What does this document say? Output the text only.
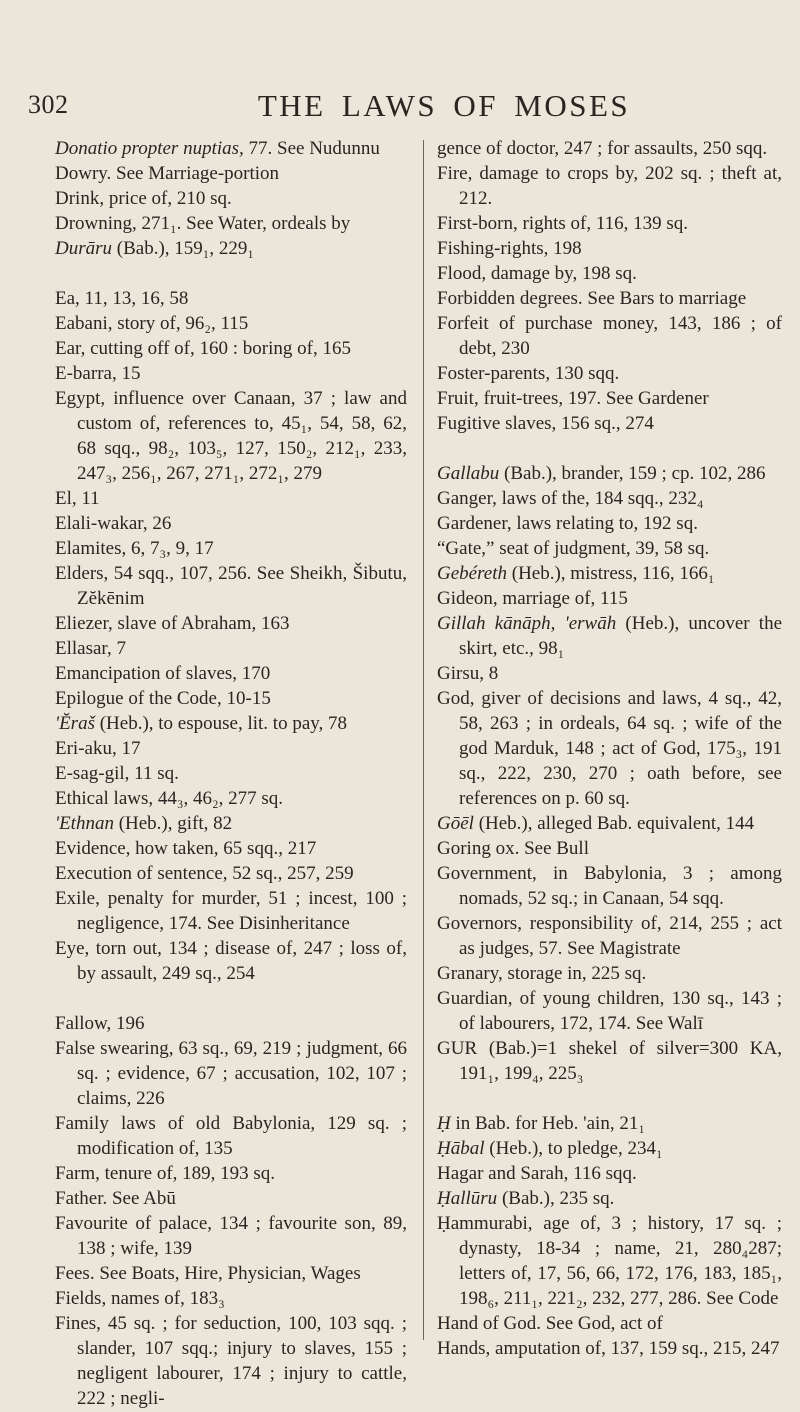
302	THE LAWS OF MOSES
Donatio propter nuptias, 77. See Nudunnu
Dowry. See Marriage-portion
Drink, price of, 210 sq.
Drowning, 271₁. See Water, ordeals by
Durāru (Bab.), 159₁, 229₁
Ea, 11, 13, 16, 58
Eabani, story of, 96₂, 115
Ear, cutting off of, 160 : boring of, 165
E-barra, 15
Egypt, influence over Canaan, 37 ; law and custom of, references to, 45₁, 54, 58, 62, 68 sqq., 98₂, 103₅, 127, 150₂, 212₁, 233, 247₃, 256₁, 267, 271₁, 272₁, 279
El, 11
Elali-wakar, 26
Elamites, 6, 7₃, 9, 17
Elders, 54 sqq., 107, 256. See Sheikh, Šibutu, Zĕkēnim
Eliezer, slave of Abraham, 163
Ellasar, 7
Emancipation of slaves, 170
Epilogue of the Code, 10-15
'Ĕraš (Heb.), to espouse, lit. to pay, 78
Eri-aku, 17
E-sag-gil, 11 sq.
Ethical laws, 44₃, 46₂, 277 sq.
'Ethnan (Heb.), gift, 82
Evidence, how taken, 65 sqq., 217
Execution of sentence, 52 sq., 257, 259
Exile, penalty for murder, 51 ; incest, 100 ; negligence, 174. See Disinheritance
Eye, torn out, 134 ; disease of, 247 ; loss of, by assault, 249 sq., 254
Fallow, 196
False swearing, 63 sq., 69, 219 ; judgment, 66 sq. ; evidence, 67 ; accusation, 102, 107 ; claims, 226
Family laws of old Babylonia, 129 sq. ; modification of, 135
Farm, tenure of, 189, 193 sq.
Father. See Abū
Favourite of palace, 134 ; favourite son, 89, 138 ; wife, 139
Fees. See Boats, Hire, Physician, Wages
Fields, names of, 183₃
Fines, 45 sq. ; for seduction, 100, 103 sqq. ; slander, 107 sqq.; injury to slaves, 155 ; negligent labourer, 174 ; injury to cattle, 222 ; negli-
gence of doctor, 247 ; for assaults, 250 sqq.
Fire, damage to crops by, 202 sq. ; theft at, 212.
First-born, rights of, 116, 139 sq.
Fishing-rights, 198
Flood, damage by, 198 sq.
Forbidden degrees. See Bars to marriage
Forfeit of purchase money, 143, 186 ; of debt, 230
Foster-parents, 130 sqq.
Fruit, fruit-trees, 197. See Gardener
Fugitive slaves, 156 sq., 274
Gallabu (Bab.), brander, 159 ; cp. 102, 286
Ganger, laws of the, 184 sqq., 232₄
Gardener, laws relating to, 192 sq.
“Gate,” seat of judgment, 39, 58 sq.
Gebéreth (Heb.), mistress, 116, 166₁
Gideon, marriage of, 115
Gillah kānāph, 'erwāh (Heb.), uncover the skirt, etc., 98₁
Girsu, 8
God, giver of decisions and laws, 4 sq., 42, 58, 263 ; in ordeals, 64 sq. ; wife of the god Marduk, 148 ; act of God, 175₃, 191 sq., 222, 230, 270 ; oath before, see references on p. 60 sq.
Gōēl (Heb.), alleged Bab. equivalent, 144
Goring ox. See Bull
Government, in Babylonia, 3 ; among nomads, 52 sq.; in Canaan, 54 sqq.
Governors, responsibility of, 214, 255 ; act as judges, 57. See Magistrate
Granary, storage in, 225 sq.
Guardian, of young children, 130 sq., 143 ; of labourers, 172, 174. See Walī
GUR (Bab.)=1 shekel of silver=300 KA, 191₁, 199₄, 225₃
Ḥ in Bab. for Heb. 'ain, 21₁
Ḥābal (Heb.), to pledge, 234₁
Hagar and Sarah, 116 sqq.
Ḥallūru (Bab.), 235 sq.
Ḥammurabi, age of, 3 ; history, 17 sq. ; dynasty, 18-34 ; name, 21, 280₄287; letters of, 17, 56, 66, 172, 176, 183, 185₁, 198₆, 211₁, 221₂, 232, 277, 286. See Code
Hand of God. See God, act of
Hands, amputation of, 137, 159 sq., 215, 247
